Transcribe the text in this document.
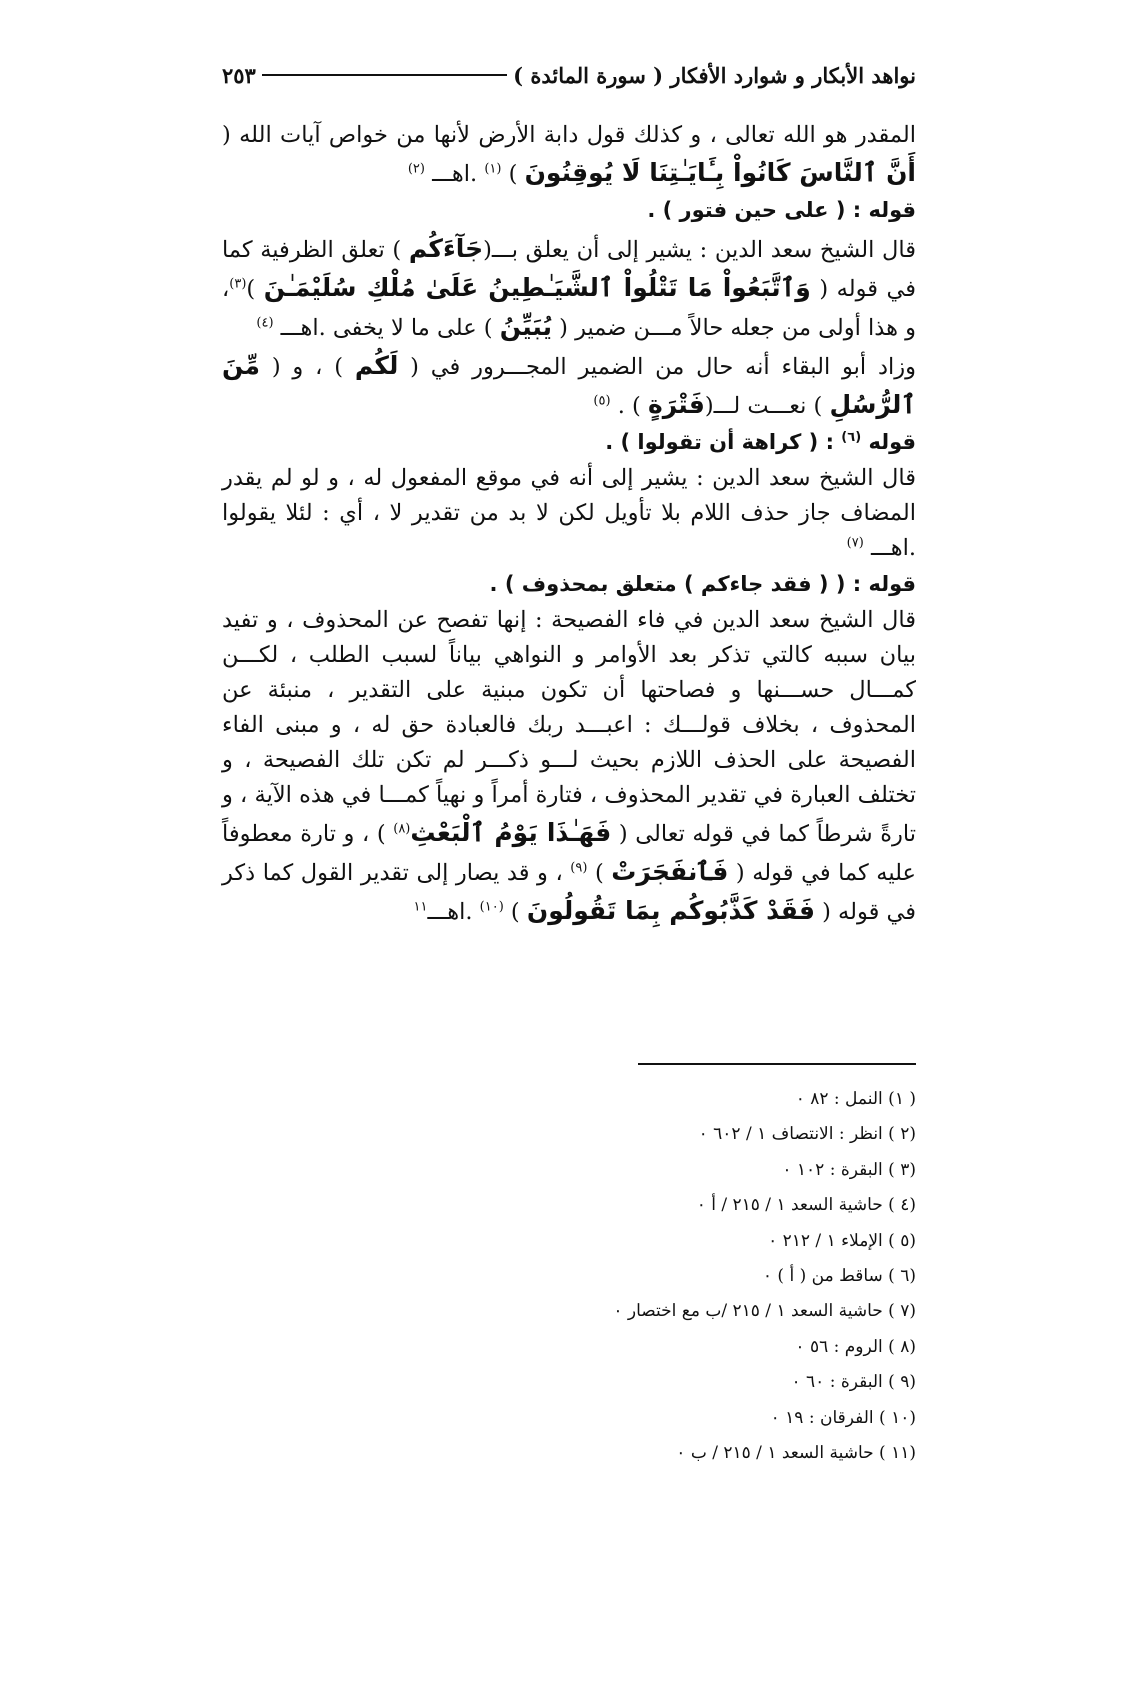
نواهد الأبكار و شوارد الأفكار ( سورة المائدة )
٢٥٣

المقدر هو الله تعالى ، و كذلك قول دابة الأرض لأنها من خواص آيات الله ( أَنَّ ٱلنَّاسَ كَانُواْ بِـَٔايَـٰتِنَا لَا يُوقِنُونَ ) $^{(١)}$ .اهـــ $^{(٢)}$

قوله : ( على حين فتور ) .

قال الشيخ سعد الدين : يشير إلى أن يعلق بـــ(جَآءَكُم ) تعلق الظرفية كما في قوله ( وَٱتَّبَعُواْ مَا تَتْلُواْ ٱلشَّيَـٰطِينُ عَلَىٰ مُلْكِ سُلَيْمَـٰنَ )$^{(٣)}$، و هذا أولى من جعله حالاً مـــن ضمير ( يُبَيِّنُ ) على ما لا يخفى .اهـــ $^{(٤)}$

وزاد أبو البقاء أنه حال من الضمير المجـــرور في ( لَكُم ) ، و ( مِّنَ ٱلرُّسُلِ ) نعـــت لـــ(فَتْرَةٍ ) . $^{(٥)}$

قوله $^{(٦)}$ : ( كراهة أن تقولوا ) .

قال الشيخ سعد الدين : يشير إلى أنه في موقع المفعول له ، و لو لم يقدر المضاف جاز حذف اللام بلا تأويل لكن لا بد من تقدير لا ، أي : لئلا يقولوا .اهـــ $^{(٧)}$

قوله : ( ( فقد جاءكم ) متعلق بمحذوف ) .

قال الشيخ سعد الدين في فاء الفصيحة : إنها تفصح عن المحذوف ، و تفيد بيان سببه كالتي تذكر بعد الأوامر و النواهي بياناً لسبب الطلب ، لكـــن كمـــال حســـنها و فصاحتها أن تكون مبنية على التقدير ، منبئة عن المحذوف ، بخلاف قولـــك : اعبـــد ربك فالعبادة حق له ، و مبنى الفاء الفصيحة على الحذف اللازم بحيث لـــو ذكـــر لم تكن تلك الفصيحة ، و تختلف العبارة في تقدير المحذوف ، فتارة أمراً و نهياً كمـــا في هذه الآية ، و تارةً شرطاً كما في قوله تعالى ( فَهَـٰذَا يَوْمُ ٱلْبَعْثِ$^{(٨)}$ ) ، و تارة معطوفاً عليه كما في قوله ( فَٱنفَجَرَتْ ) $^{(٩)}$ ، و قد يصار إلى تقدير القول كما ذكر في قوله ( فَقَدْ كَذَّبُوكُم بِمَا تَقُولُونَ ) $^{(١٠)}$ .اهـــ$^{١١}$

( ١) النمل : ٨٢ ٠
(٢ ) انظر : الانتصاف ١ / ٦٠٢ ٠
(٣ ) البقرة : ١٠٢ ٠
(٤ ) حاشية السعد ١ / ٢١٥ / أ ٠
(٥ ) الإملاء ١ / ٢١٢ ٠
(٦ ) ساقط من ( أ ) ٠
(٧ ) حاشية السعد ١ / ٢١٥ /ب مع اختصار ٠
(٨ ) الروم : ٥٦ ٠
(٩ ) البقرة : ٦٠ ٠
(١٠ ) الفرقان : ١٩ ٠
(١١ ) حاشية السعد ١ / ٢١٥ / ب ٠
